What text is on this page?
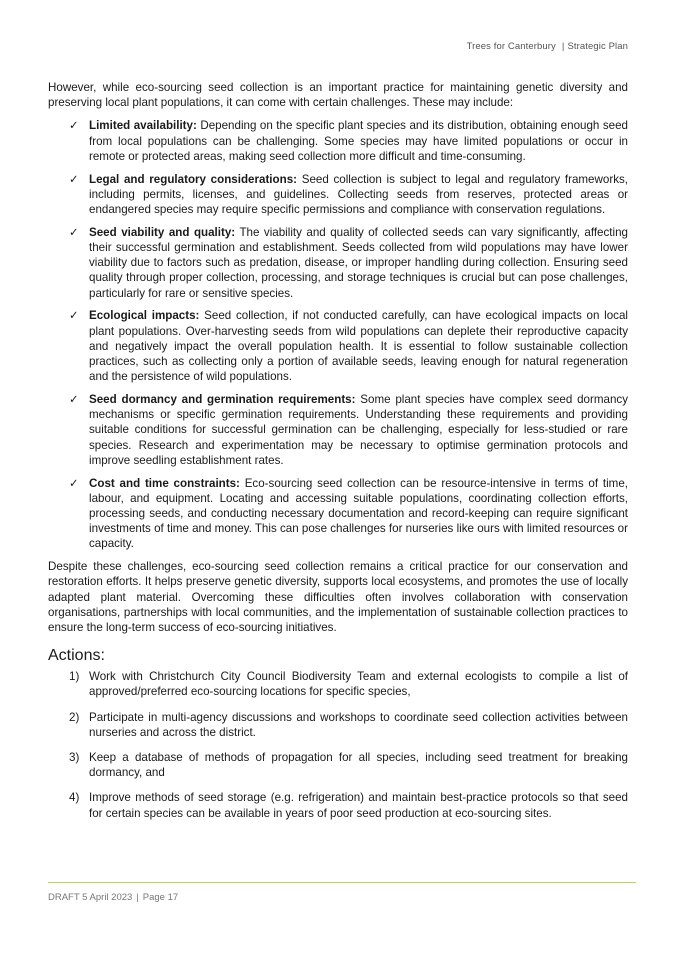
Trees for Canterbury | Strategic Plan

However, while eco-sourcing seed collection is an important practice for maintaining genetic diversity and preserving local plant populations, it can come with certain challenges. These may include:

✓ Limited availability: Depending on the specific plant species and its distribution, obtaining enough seed from local populations can be challenging. Some species may have limited populations or occur in remote or protected areas, making seed collection more difficult and time-consuming.
✓ Legal and regulatory considerations: Seed collection is subject to legal and regulatory frameworks, including permits, licenses, and guidelines. Collecting seeds from reserves, protected areas or endangered species may require specific permissions and compliance with conservation regulations.
✓ Seed viability and quality: The viability and quality of collected seeds can vary significantly, affecting their successful germination and establishment. Seeds collected from wild populations may have lower viability due to factors such as predation, disease, or improper handling during collection. Ensuring seed quality through proper collection, processing, and storage techniques is crucial but can pose challenges, particularly for rare or sensitive species.
✓ Ecological impacts: Seed collection, if not conducted carefully, can have ecological impacts on local plant populations. Over-harvesting seeds from wild populations can deplete their reproductive capacity and negatively impact the overall population health. It is essential to follow sustainable collection practices, such as collecting only a portion of available seeds, leaving enough for natural regeneration and the persistence of wild populations.
✓ Seed dormancy and germination requirements: Some plant species have complex seed dormancy mechanisms or specific germination requirements. Understanding these requirements and providing suitable conditions for successful germination can be challenging, especially for less-studied or rare species. Research and experimentation may be necessary to optimise germination protocols and improve seedling establishment rates.
✓ Cost and time constraints: Eco-sourcing seed collection can be resource-intensive in terms of time, labour, and equipment. Locating and accessing suitable populations, coordinating collection efforts, processing seeds, and conducting necessary documentation and record-keeping can require significant investments of time and money. This can pose challenges for nurseries like ours with limited resources or capacity.

Despite these challenges, eco-sourcing seed collection remains a critical practice for our conservation and restoration efforts. It helps preserve genetic diversity, supports local ecosystems, and promotes the use of locally adapted plant material. Overcoming these difficulties often involves collaboration with conservation organisations, partnerships with local communities, and the implementation of sustainable collection practices to ensure the long-term success of eco-sourcing initiatives.

Actions:
1) Work with Christchurch City Council Biodiversity Team and external ecologists to compile a list of approved/preferred eco-sourcing locations for specific species,
2) Participate in multi-agency discussions and workshops to coordinate seed collection activities between nurseries and across the district.
3) Keep a database of methods of propagation for all species, including seed treatment for breaking dormancy, and
4) Improve methods of seed storage (e.g. refrigeration) and maintain best-practice protocols so that seed for certain species can be available in years of poor seed production at eco-sourcing sites.
DRAFT 5 April 2023 | Page 17
